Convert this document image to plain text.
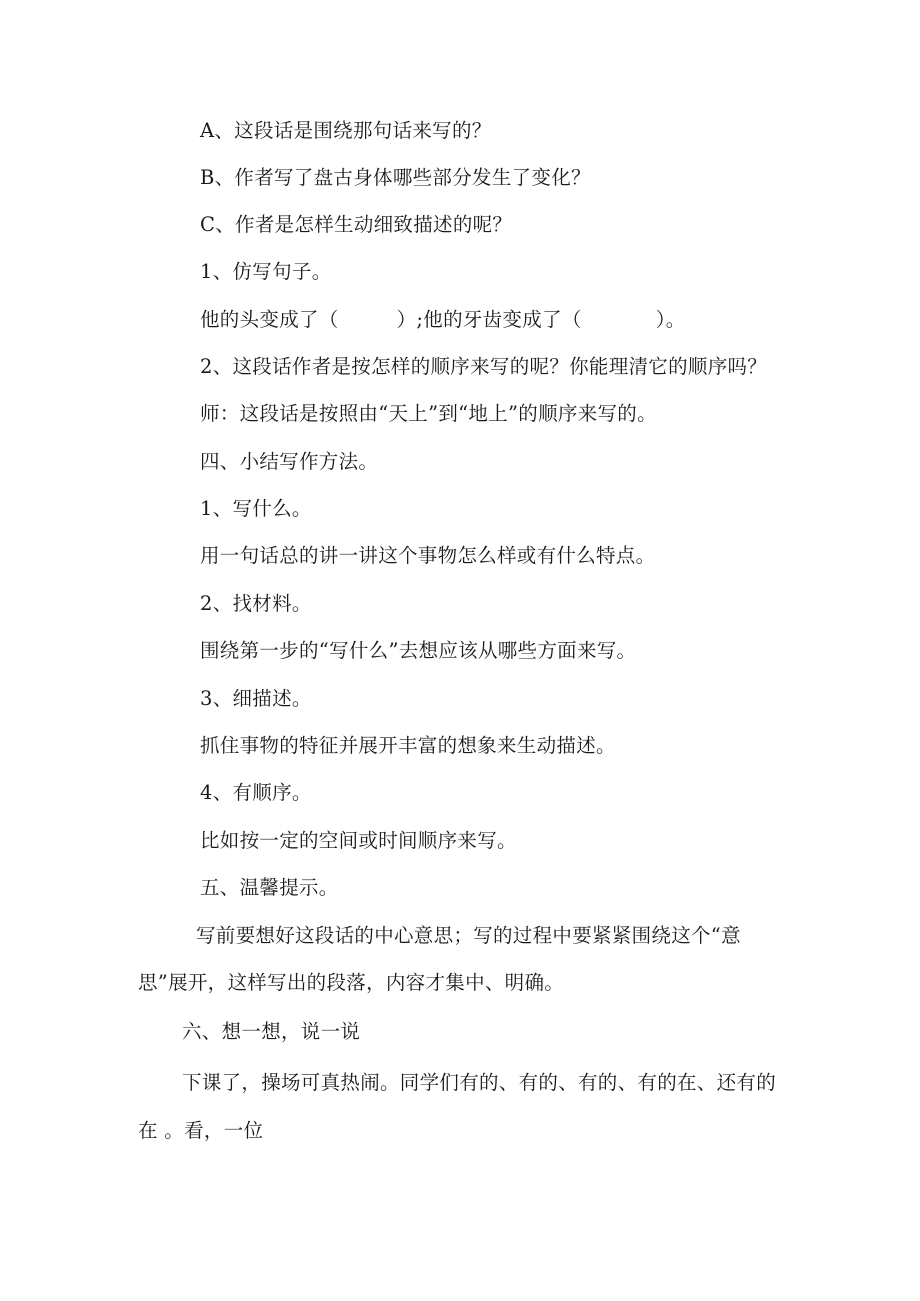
A、这段话是围绕那句话来写的？

B、作者写了盘古身体哪些部分发生了变化？

C、作者是怎样生动细致描述的呢？

1、仿写句子。

他的头变成了（	）;他的牙齿变成了（	）。

2、这段话作者是按怎样的顺序来写的呢？你能理清它的顺序吗？

师：这段话是按照由“天上”到“地上”的顺序来写的。

四、小结写作方法。

1、写什么。

用一句话总的讲一讲这个事物怎么样或有什么特点。

2、找材料。

围绕第一步的“写什么”去想应该从哪些方面来写。

3、细描述。

抓住事物的特征并展开丰富的想象来生动描述。

4、有顺序。

比如按一定的空间或时间顺序来写。

五、温馨提示。

写前要想好这段话的中心意思；写的过程中要紧紧围绕这个“意

思”展开，这样写出的段落，内容才集中、明确。

六、想一想，说一说

下课了，操场可真热闹。同学们有的、有的、有的、有的在、还有的

在 。看，一位
